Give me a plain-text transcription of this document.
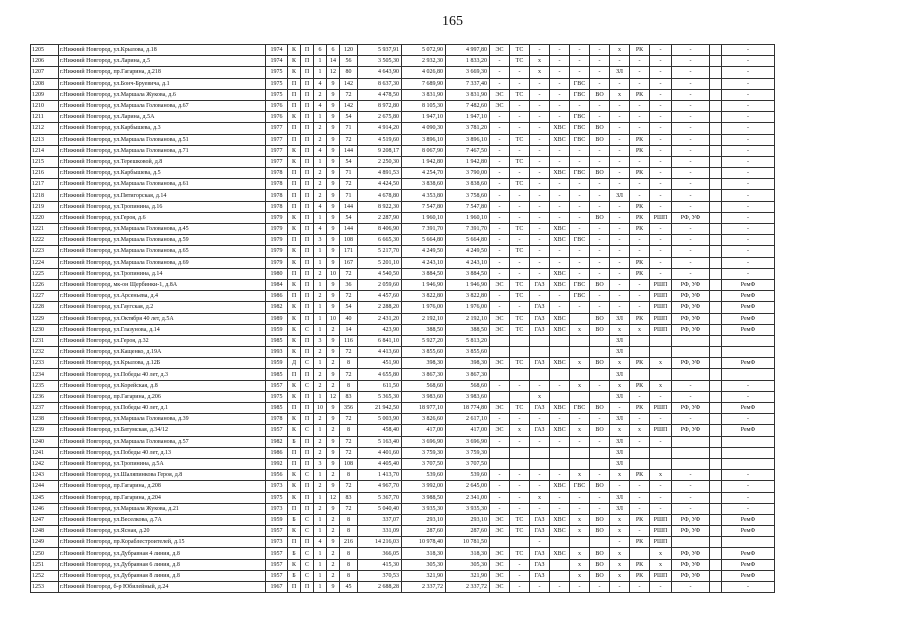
165
1205	г.Нижний Новгород, ул.Крылова, д.18	1974	К	П	6	6	120	5 937,91	5 072,90	4 997,80	ЭС	ТС	-	-	-	-	х	РК	-	-		-
1206	г.Нижний Новгород, ул.Ларина, д.5	1974	К	П	1	14	56	3 505,30	2 932,30	1 833,20	-	ТС	х	-	-	-	-	-	-	-		-
1207	г.Нижний Новгород, пр.Гагарина, д.218	1975	К	П	1	12	80	4 643,90	4 026,80	3 669,30	-	-	х	-	-	-	ЗЛ	-	-	-		-
1208	г.Нижний Новгород, ул.Бонч-Бруевича, д.1	1975	П	П	4	9	142	8 637,30	7 689,90	7 337,40	-	-	-	-	ГВС	-	-	-	-	-		-
1209	г.Нижний Новгород, ул.Маршала Жукова, д.6	1975	П	П	2	9	72	4 478,50	3 831,90	3 831,90	ЭС	ТС	-	-	ГВС	ВО	х	РК	-	-		-
1210	г.Нижний Новгород, ул.Маршала Голованова, д.67	1976	П	П	4	9	142	8 972,80	8 105,30	7 482,60	ЭС	-	-	-	-	-	-	-	-	-		-
1211	г.Нижний Новгород, ул.Ларина, д.5А	1976	К	П	1	9	54	2 675,80	1 947,10	1 947,10	-	-	-	-	ГВС	-	-	-	-	-		-
1212	г.Нижний Новгород, ул.Карбышева, д.3	1977	П	П	2	9	71	4 914,20	4 090,30	3 781,20	-	-	-	ХВС	ГВС	ВО	-	-	-	-		-
1213	г.Нижний Новгород, ул.Маршала Голованова, д.51	1977	П	П	2	9	72	4 519,60	3 896,10	3 896,10	-	ТС	-	ХВС	ГВС	ВО	-	РК	-	-		-
1214	г.Нижний Новгород, ул.Маршала Голованова, д.71	1977	К	П	4	9	144	9 208,17	8 067,90	7 467,50	-	-	-	-	-	-	-	РК	-	-		-
1215	г.Нижний Новгород, ул.Терешковой, д.8	1977	К	П	1	9	54	2 250,30	1 942,80	1 942,80	-	ТС	-	-	-	-	-	-	-	-		-
1216	г.Нижний Новгород, ул.Карбышева, д.5	1978	П	П	2	9	71	4 891,53	4 254,70	3 790,00	-	-	-	ХВС	ГВС	ВО	-	РК	-	-		-
1217	г.Нижний Новгород, ул.Маршала Голованова, д.61	1978	П	П	2	9	72	4 424,50	3 838,60	3 838,60	-	ТС	-	-	-	-	-	-	-	-		-
1218	г.Нижний Новгород, ул.Пятигорская, д.14	1978	П	П	2	9	71	4 678,80	4 353,80	3 758,60	-	-	-	-	-	-	ЗЛ	-	-	-		-
1219	г.Нижний Новгород, ул.Тропинина, д.16	1978	П	П	4	9	144	8 922,30	7 547,80	7 547,80	-	-	-	-	-	-	-	РК	-	-		-
1220	г.Нижний Новгород, ул.Героя, д.6	1979	К	П	1	9	54	2 287,90	1 960,10	1 960,10	-	-	-	-	-	ВО	-	РК	РШП	РФ, УФ		-
1221	г.Нижний Новгород, ул.Маршала Голованова, д.45	1979	К	П	4	9	144	8 406,90	7 391,70	7 391,70	-	ТС	-	ХВС	-	-	-	РК	-	-		-
1222	г.Нижний Новгород, ул.Маршала Голованова, д.59	1979	П	П	3	9	108	6 665,30	5 664,80	5 664,80	-	-	-	ХВС	ГВС	-	-	-	-	-		-
1223	г.Нижний Новгород, ул.Маршала Голованова, д.65	1979	К	П	1	9	171	5 217,70	4 249,50	4 249,50	-	ТС	-	-	-	-	-	-	-	-		-
1224	г.Нижний Новгород, ул.Маршала Голованова, д.69	1979	К	П	1	9	167	5 201,10	4 243,10	4 243,10	-	-	-	-	-	-	-	РК	-	-		-
1225	г.Нижний Новгород, ул.Тропинина, д.14	1980	П	П	2	10	72	4 540,50	3 884,50	3 884,50	-	-	-	ХВС	-	-	-	РК	-	-		-
1226	г.Нижний Новгород, мк-он Щербинки-1, д.8А	1984	К	П	1	9	36	2 059,60	1 946,90	1 946,90	ЭС	ТС	ГАЗ	ХВС	ГВС	ВО	-	-	РШП	РФ, УФ		РемФ
1227	г.Нижний Новгород, ул.Арсеньева, д.4	1986	П	П	2	9	72	4 457,60	3 822,80	3 822,80	-	ТС	-	-	ГВС	-	-	-	РШП	РФ, УФ		РемФ
1228	г.Нижний Новгород, ул.Гаугская, д.2	1982	К	П	1	9	54	2 288,20	1 976,00	1 976,00	-	-	ГАЗ	-	-	-	-	-	РШП	РФ, УФ		РемФ
1229	г.Нижний Новгород, ул.Октября 40 лет, д.5А	1989	К	П	1	10	40	2 431,20	2 192,10	2 192,10	ЭС	ТС	ГАЗ	ХВС		ВО	ЗЛ	РК	РШП	РФ, УФ		РемФ
1230	г.Нижний Новгород, ул.Глазунова, д.14	1959	К	С	1	2	14	423,90	388,50	388,50	ЭС	ТС	ГАЗ	ХВС	х	ВО	х	х	РШП	РФ, УФ		РемФ
1231	г.Нижний Новгород, ул.Героя, д.32	1985	К	П	3	9	116	6 841,10	5 927,20	5 813,20							ЗЛ					
1232	г.Нижний Новгород, ул.Кащенко, д.19А	1993	К	П	2	9	72	4 413,60	3 855,60	3 855,60							ЗЛ					
1233	г.Нижний Новгород, ул.Крылова, д.12Б	1959	Д	С	1	2	8	451,90	398,30	398,30	ЭС	ТС	ГАЗ	ХВС	х	ВО	х	РК	х	РФ, УФ		РемФ
1234	г.Нижний Новгород, ул.Победы 40 лет, д.3	1985	П	П	2	9	72	4 655,80	3 867,30	3 867,30							ЗЛ					
1235	г.Нижний Новгород, ул.Корейская, д.8	1957	К	С	2	2	8	611,50	568,60	568,60	-	-	-	-	х	-	х	РК	х	-		-
1236	г.Нижний Новгород, пр.Гагарина, д.206	1975	К	П	1	12	83	5 365,30	3 983,60	3 983,60			х				ЗЛ	-	-	-		-
1237	г.Нижний Новгород, ул.Победы 40 лет, д.1	1985	П	П	10	9	356	21 942,50	18 977,10	18 774,80	ЭС	ТС	ГАЗ	ХВС	ГВС	ВО	-	РК	РШП	РФ, УФ		РемФ
1238	г.Нижний Новгород, ул.Маршала Голованова, д.39	1978	К	П	2	9	72	5 003,90	3 826,60	2 617,10	-	-	-	-	-	-	ЗЛ	-	-	-		-
1239	г.Нижний Новгород, ул.Батумская, д.34/12	1957	К	С	1	2	8	458,40	417,00	417,00	ЭС	х	ГАЗ	ХВС	х	ВО	х	х	РШП	РФ, УФ		РемФ
1240	г.Нижний Новгород, ул.Маршала Голованова, д.57	1982	Б	П	2	9	72	5 163,40	3 696,90	3 696,90	-	-	-	-	-	-	ЗЛ	-	-			
1241	г.Нижний Новгород, ул.Победы 40 лет, д.13	1986	П	П	2	9	72	4 401,60	3 759,30	3 759,30							ЗЛ					
1242	г.Нижний Новгород, ул.Тропинина, д.5А	1992	П	П	3	9	108	4 405,40	3 707,50	3 707,50							ЗЛ					
1243	г.Нижний Новгород, ул.Шаляпинкова Героя, д.8	1956	К	С	1	2	8	1 413,70	539,60	539,60	-	-	-	-	х	-	х	РК	х	-		-
1244	г.Нижний Новгород, пр.Гагарина, д.208	1973	К	П	2	9	72	4 967,70	3 992,00	2 645,00	-	-	-	ХВС	ГВС	ВО	-	-	-	-		-
1245	г.Нижний Новгород, пр.Гагарина, д.204	1975	К	П	1	12	83	5 367,70	3 988,50	2 341,00	-	-	х	-	-	-	ЗЛ	-	-	-		-
1246	г.Нижний Новгород, ул.Маршала Жукова, д.21	1973	П	П	2	9	72	5 040,40	3 935,30	3 935,30	-	-	-	-	-	-	ЗЛ	-	-	-		-
1247	г.Нижний Новгород, ул.Веселкова, д.7А	1959	Б	С	1	2	8	337,07	293,10	293,10	ЭС	ТС	ГАЗ	ХВС	х	ВО	х	РК	РШП	РФ, УФ		РемФ
1248	г.Нижний Новгород, ул.Ясная, д.20	1957	К	С	1	2	8	331,09	287,60	287,60	ЭС	ТС	ГАЗ	ХВС	х	ВО	х	-	РШП	РФ, УФ		РемФ
1249	г.Нижний Новгород, пр.Кораблестроителей, д.15	1973	П	П	4	9	216	14 216,03	10 978,40	10 781,50			-				-	РК	РШП			
1250	г.Нижний Новгород, ул.Дубравная 4 линия, д.8	1957	Б	С	1	2	8	366,05	318,30	318,30	ЭС	ТС	ГАЗ	ХВС	х	ВО	х		х	РФ, УФ		РемФ
1251	г.Нижний Новгород, ул.Дубравная 6 линия, д.8	1957	К	С	1	2	8	415,30	305,30	305,30	ЭС	-	ГАЗ		х	ВО	х	РК	х	РФ, УФ		РемФ
1252	г.Нижний Новгород, ул.Дубравная 8 линия, д.8	1957	Б	С	1	2	8	370,53	321,90	321,90	ЭС	-	ГАЗ		х	ВО	х	РК	РШП	РФ, УФ		РемФ
1253	г.Нижний Новгород, б-р Юбилейный, д.24	1967	П	П	1	9	45	2 688,28	2 337,72	2 337,72	ЭС	-	-	-	-	-	-	-	-	-		-
